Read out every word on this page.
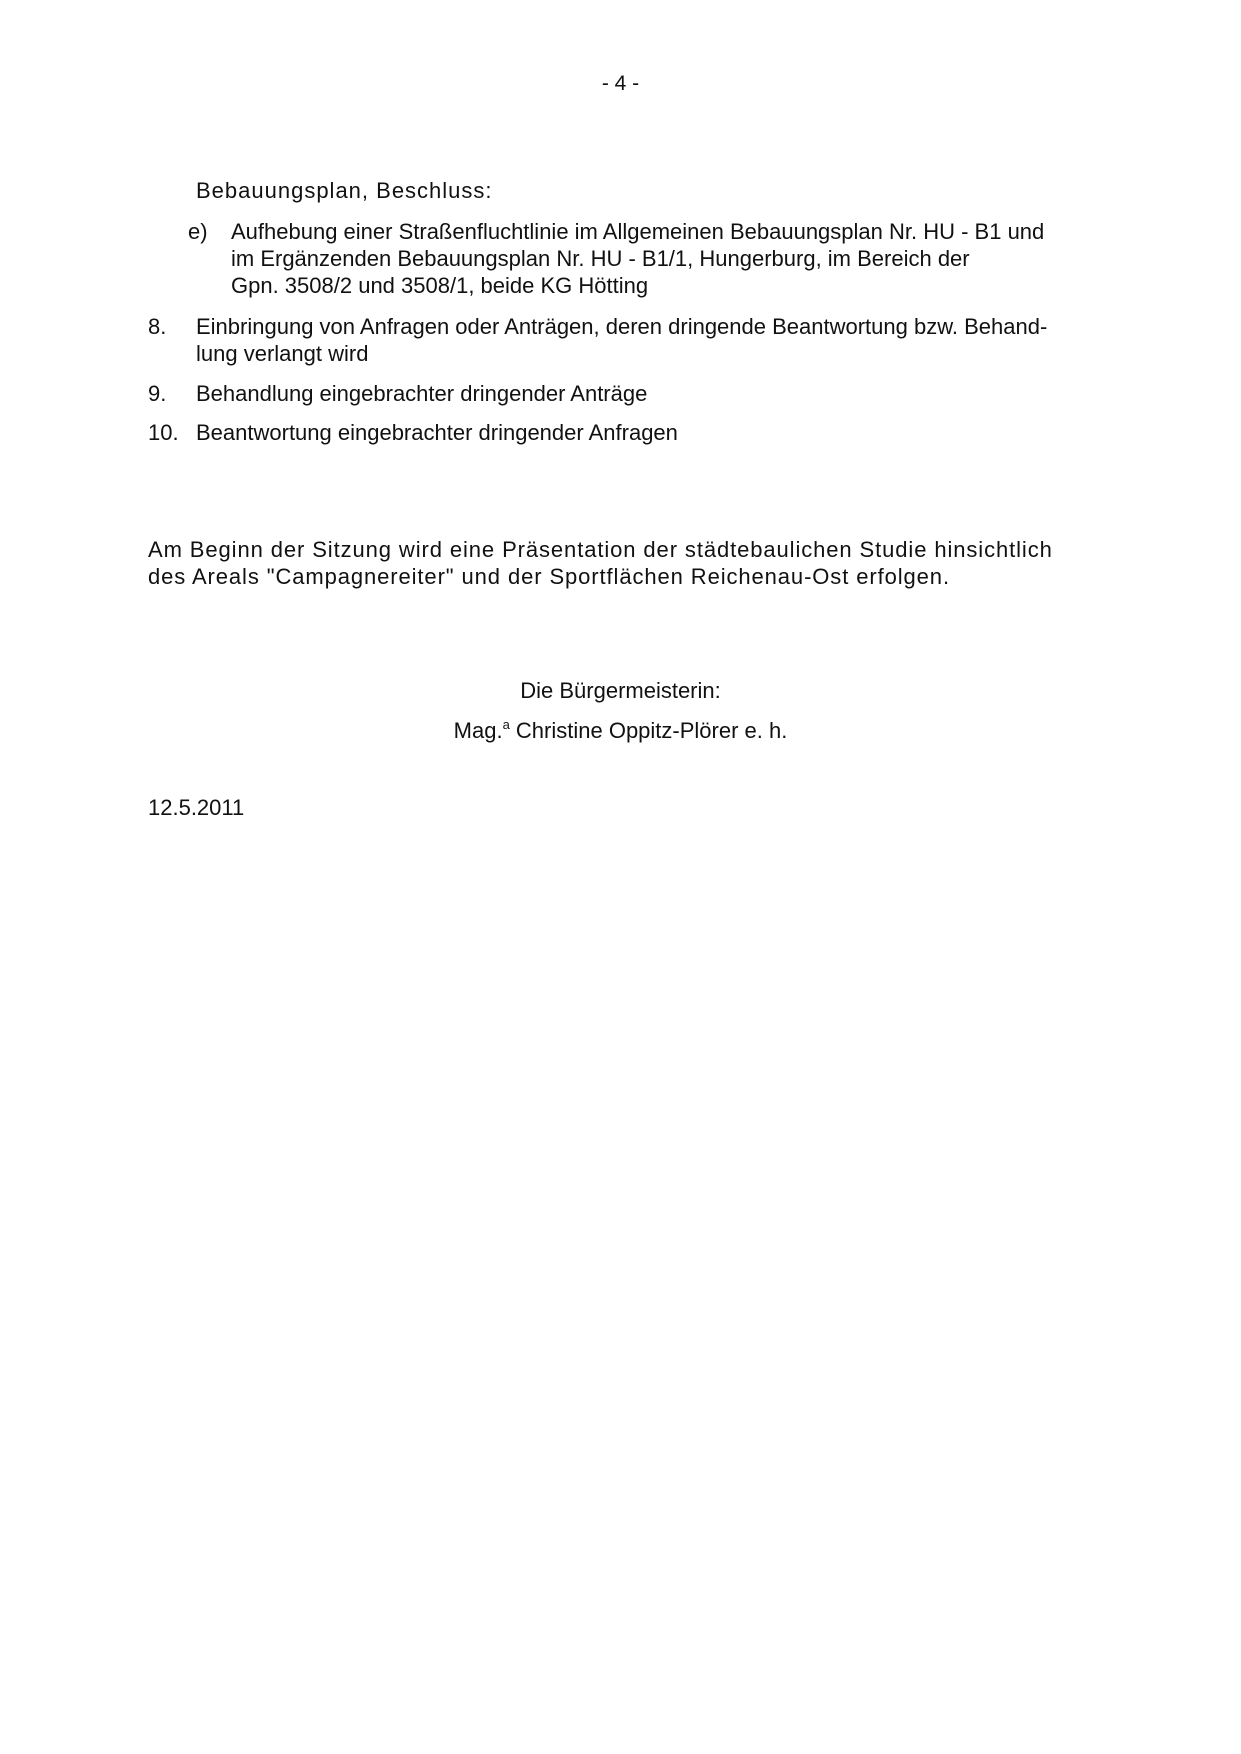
- 4 -
Bebauungsplan, Beschluss:
e) Aufhebung einer Straßenfluchtlinie im Allgemeinen Bebauungsplan Nr. HU - B1 und
im Ergänzenden Bebauungsplan Nr. HU - B1/1, Hungerburg, im Bereich der
Gpn. 3508/2 und 3508/1, beide KG Hötting
8. Einbringung von Anfragen oder Anträgen, deren dringende Beantwortung bzw. Behand-
lung verlangt wird
9. Behandlung eingebrachter dringender Anträge
10. Beantwortung eingebrachter dringender Anfragen
Am Beginn der Sitzung wird eine Präsentation der städtebaulichen Studie hinsichtlich
des Areals "Campagnereiter" und der Sportflächen Reichenau-Ost erfolgen.
Die Bürgermeisterin:
Mag.$^a$ Christine Oppitz-Plörer e. h.
12.5.2011
